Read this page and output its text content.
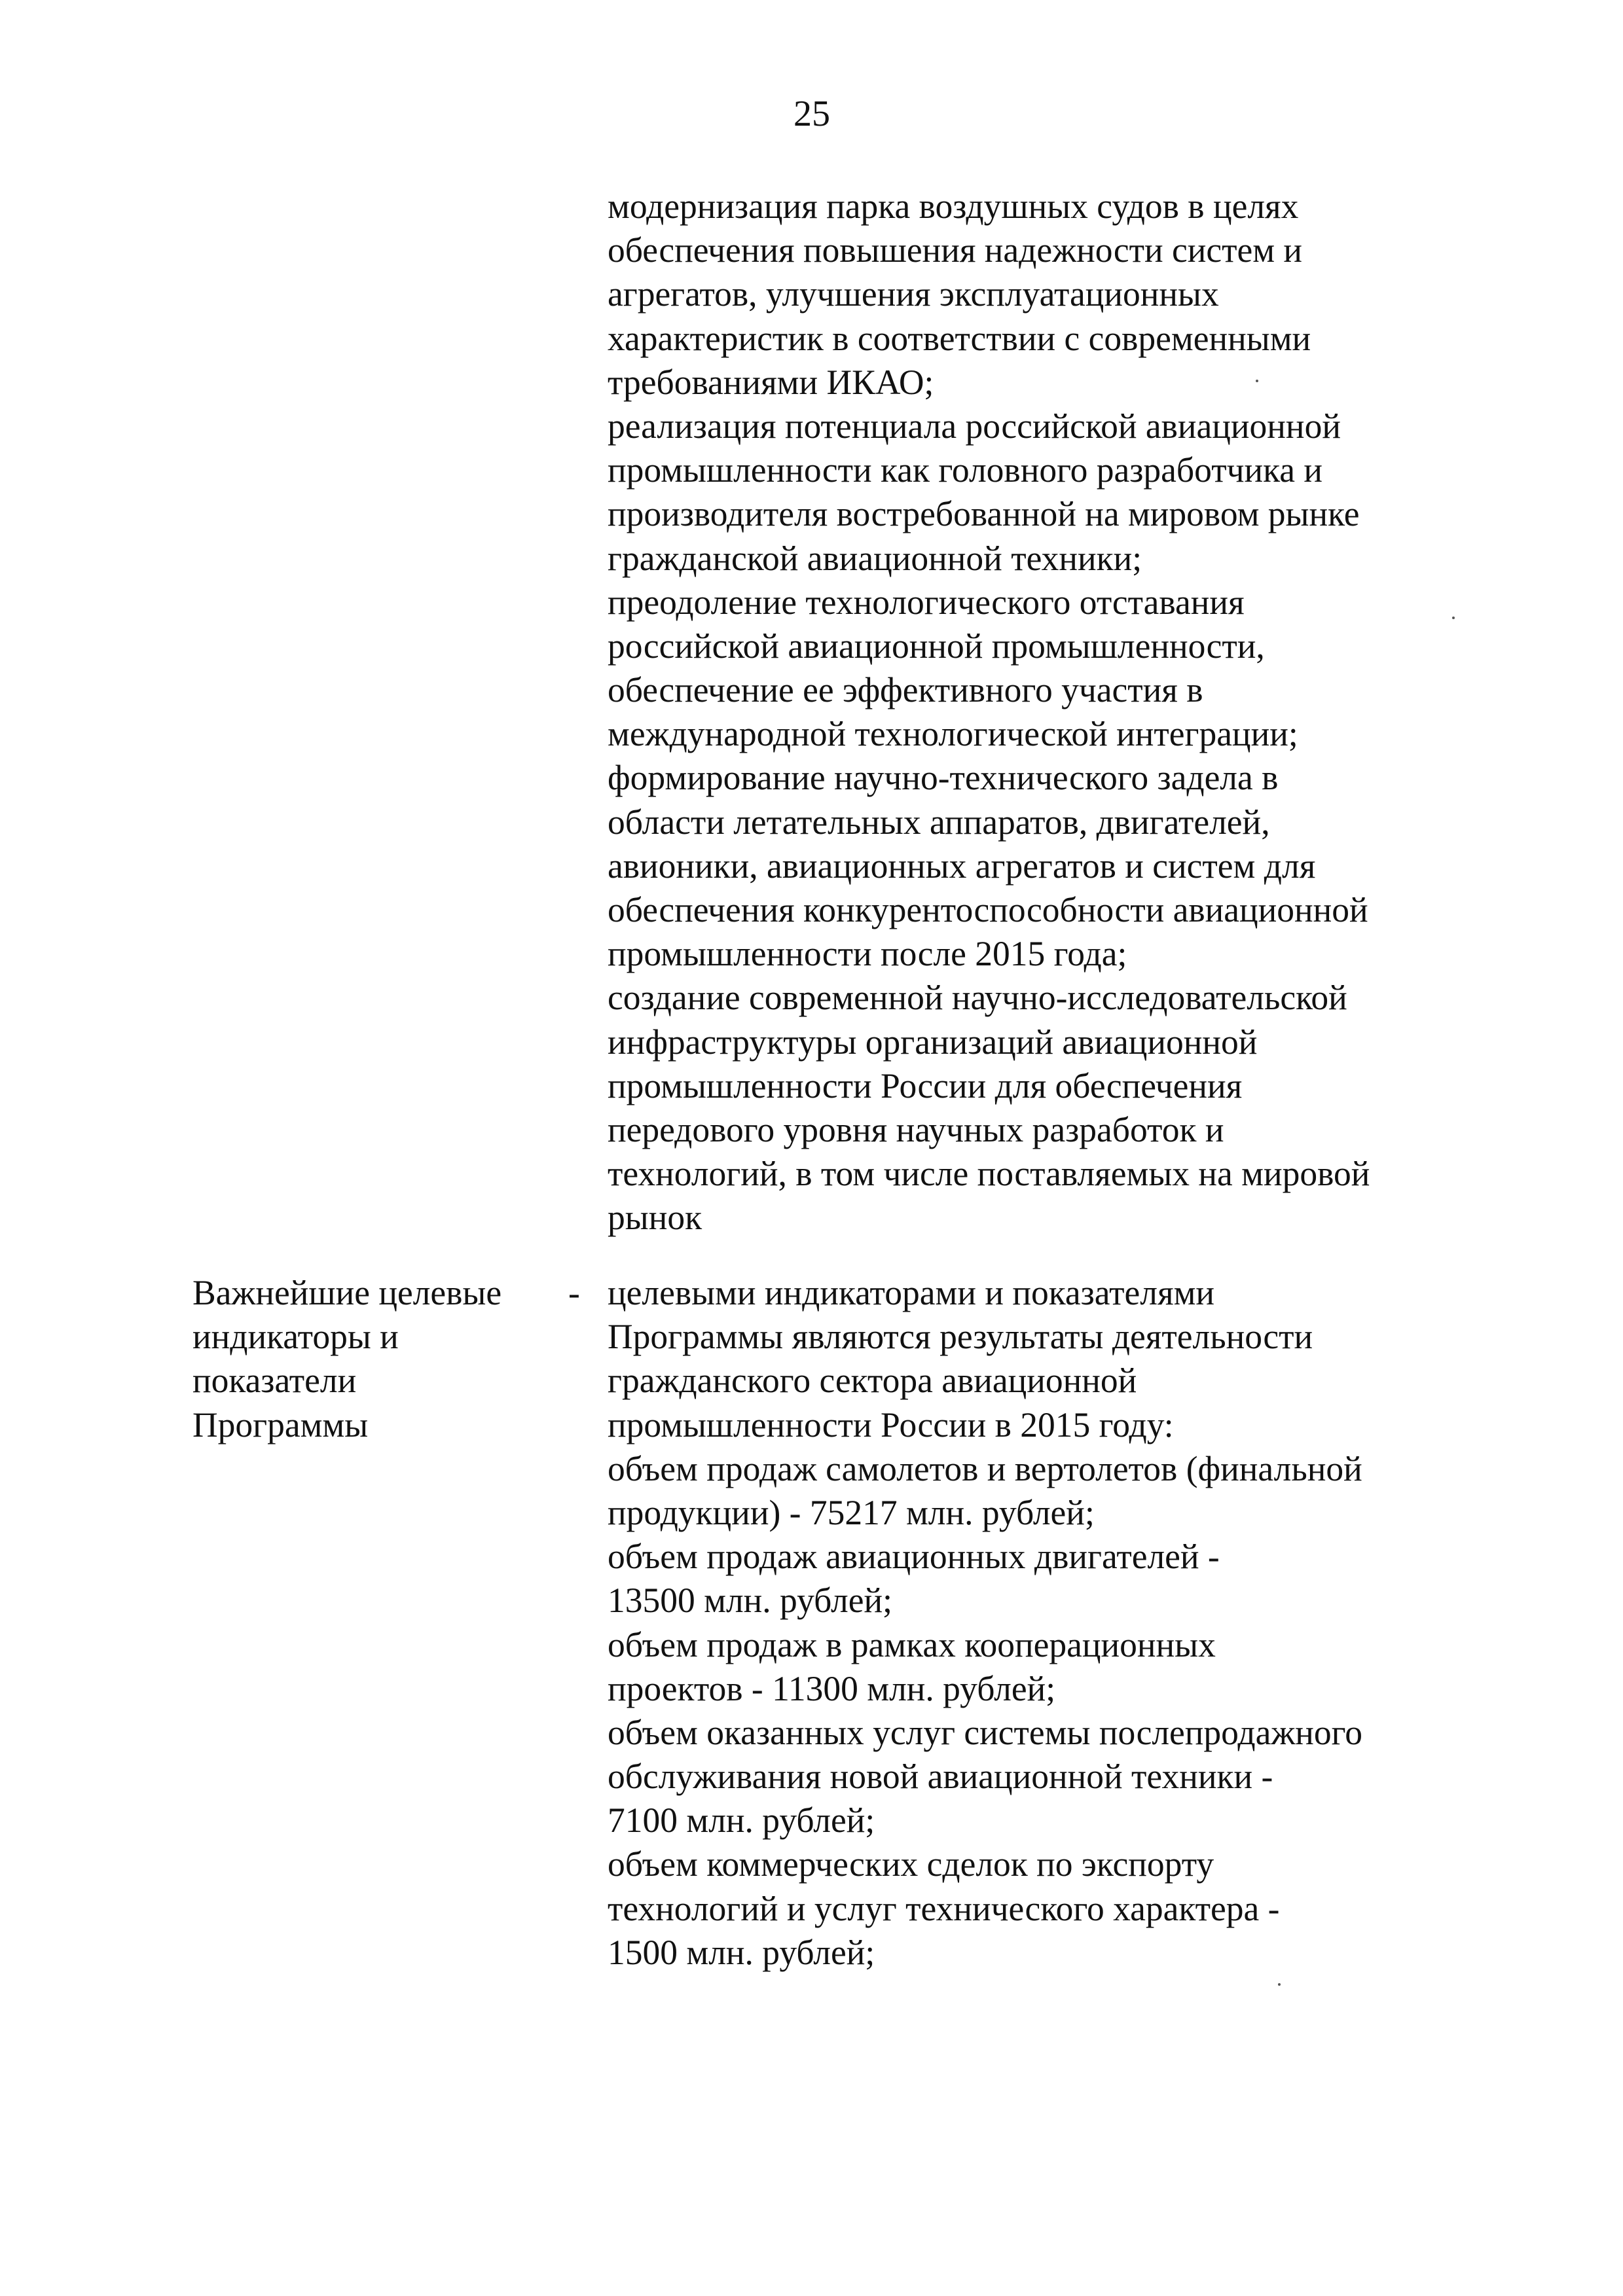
25
модернизация парка воздушных судов в целях
обеспечения повышения надежности систем и
агрегатов, улучшения эксплуатационных
характеристик в соответствии с современными
требованиями ИКАО;
реализация потенциала российской авиационной
промышленности как головного разработчика и
производителя востребованной на мировом рынке
гражданской авиационной техники;
преодоление технологического отставания
российской авиационной промышленности,
обеспечение ее эффективного участия в
международной технологической интеграции;
формирование научно-технического задела в
области летательных аппаратов, двигателей,
авионики, авиационных агрегатов и систем для
обеспечения конкурентоспособности авиационной
промышленности после 2015 года;
создание современной научно-исследовательской
инфраструктуры организаций авиационной
промышленности России для обеспечения
передового уровня научных разработок и
технологий, в том числе поставляемых на мировой
рынок
Важнейшие целевые
индикаторы и
показатели
Программы
- целевыми индикаторами и показателями
Программы являются результаты деятельности
гражданского сектора авиационной
промышленности России в 2015 году:
объем продаж самолетов и вертолетов (финальной
продукции) - 75217 млн. рублей;
объем продаж авиационных двигателей -
13500 млн. рублей;
объем продаж в рамках кооперационных
проектов - 11300 млн. рублей;
объем оказанных услуг системы послепродажного
обслуживания новой авиационной техники -
7100 млн. рублей;
объем коммерческих сделок по экспорту
технологий и услуг технического характера -
1500 млн. рублей;
